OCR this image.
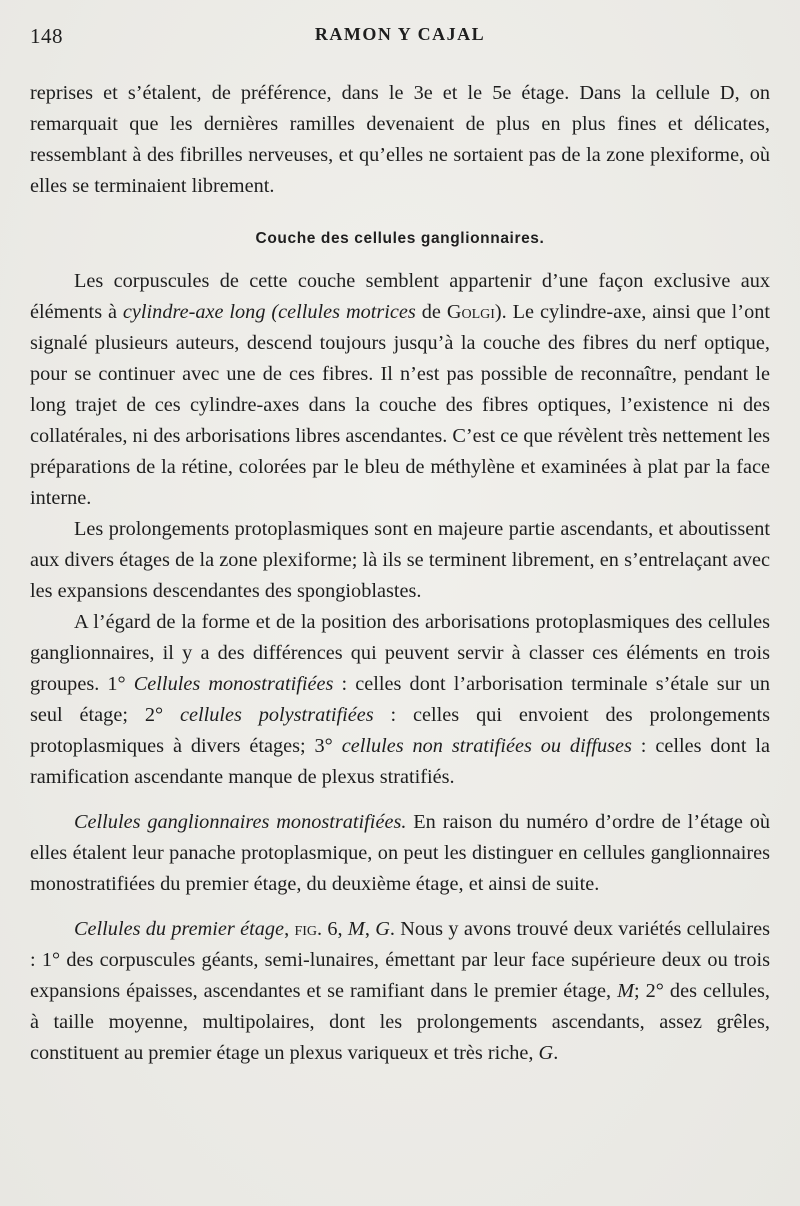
148	RAMON Y CAJAL

reprises et s’étalent, de préférence, dans le 3e et le 5e étage. Dans la cellule D, on remarquait que les dernières ramilles devenaient de plus en plus fines et délicates, ressemblant à des fibrilles nerveuses, et qu’elles ne sortaient pas de la zone plexiforme, où elles se terminaient librement.

Couche des cellules ganglionnaires.

Les corpuscules de cette couche semblent appartenir d’une façon exclusive aux éléments à cylindre-axe long (cellules motrices de Golgi). Le cylindre-axe, ainsi que l’ont signalé plusieurs auteurs, descend toujours jusqu’à la couche des fibres du nerf optique, pour se continuer avec une de ces fibres. Il n’est pas possible de reconnaître, pendant le long trajet de ces cylindre-axes dans la couche des fibres optiques, l’existence ni des collatérales, ni des arborisations libres ascendantes. C’est ce que révèlent très nettement les préparations de la rétine, colorées par le bleu de méthylène et examinées à plat par la face interne.

Les prolongements protoplasmiques sont en majeure partie ascendants, et aboutissent aux divers étages de la zone plexiforme; là ils se terminent librement, en s’entrelaçant avec les expansions descendantes des spongioblastes.

A l’égard de la forme et de la position des arborisations protoplasmiques des cellules ganglionnaires, il y a des différences qui peuvent servir à classer ces éléments en trois groupes. 1° Cellules monostratifiées : celles dont l’arborisation terminale s’étale sur un seul étage; 2° cellules polystratifiées : celles qui envoient des prolongements protoplasmiques à divers étages; 3° cellules non stratifiées ou diffuses : celles dont la ramification ascendante manque de plexus stratifiés.

Cellules ganglionnaires monostratifiées. En raison du numéro d’ordre de l’étage où elles étalent leur panache protoplasmique, on peut les distinguer en cellules ganglionnaires monostratifiées du premier étage, du deuxième étage, et ainsi de suite.

Cellules du premier étage, fig. 6, M, G. Nous y avons trouvé deux variétés cellulaires : 1° des corpuscules géants, semi-lunaires, émettant par leur face supérieure deux ou trois expansions épaisses, ascendantes et se ramifiant dans le premier étage, M; 2° des cellules, à taille moyenne, multipolaires, dont les prolongements ascendants, assez grêles, constituent au premier étage un plexus variqueux et très riche, G.
